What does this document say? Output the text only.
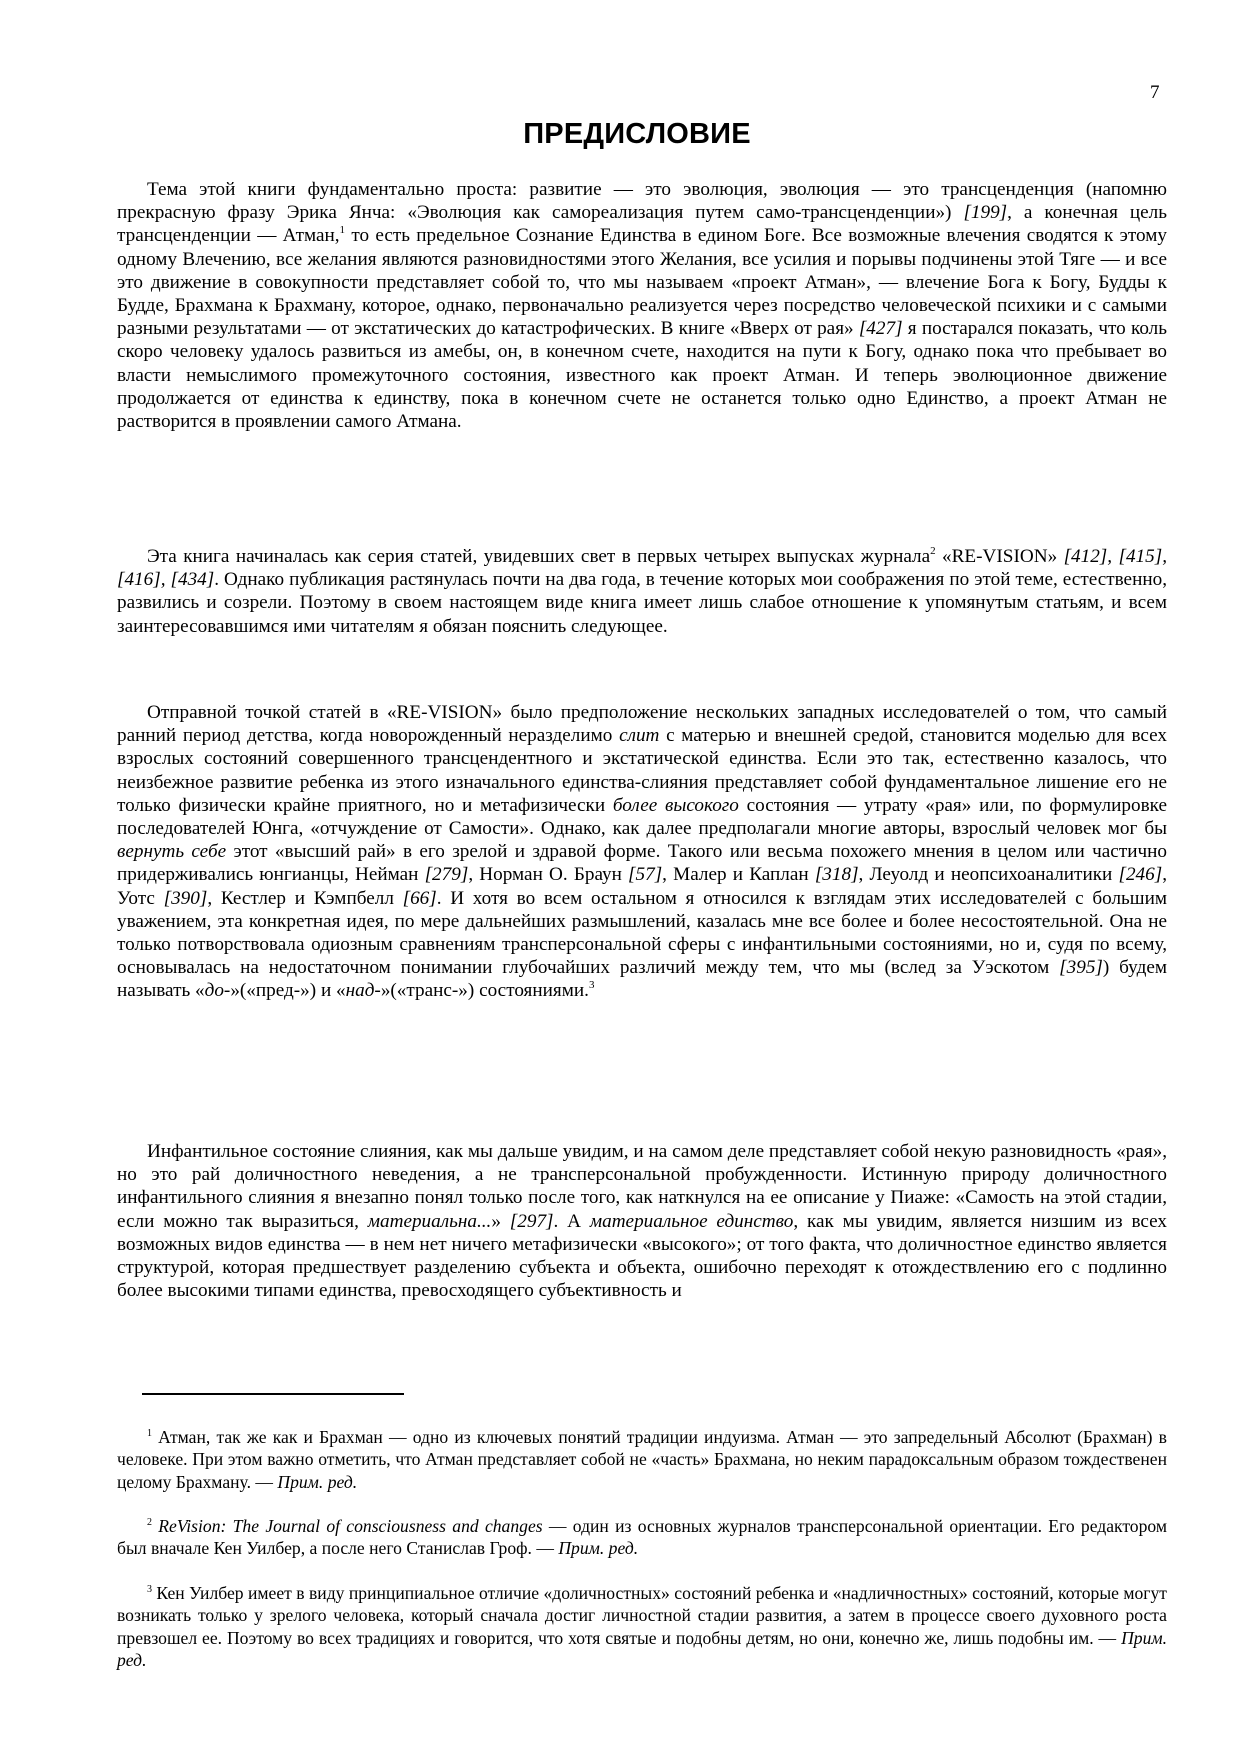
7
ПРЕДИСЛОВИЕ

Тема этой книги фундаментально проста: развитие — это эволюция, эволюция — это трансценденция (напомню прекрасную фразу Эрика Янча: «Эволюция как самореализация путем само-трансценденции») [199], а конечная цель трансценденции — Атман,$^1$ то есть предельное Сознание Единства в едином Боге. Все возможные влечения сводятся к этому одному Влечению, все желания являются разновидностями этого Желания, все усилия и порывы подчинены этой Тяге — и все это движение в совокупности представляет собой то, что мы называем «проект Атман», — влечение Бога к Богу, Будды к Будде, Брахмана к Брахману, которое, однако, первоначально реализуется через посредство человеческой психики и с самыми разными результатами — от экстатических до катастрофических. В книге «Вверх от рая» [427] я постарался показать, что коль скоро человеку удалось развиться из амебы, он, в конечном счете, находится на пути к Богу, однако пока что пребывает во власти немыслимого промежуточного состояния, известного как проект Атман. И теперь эволюционное движение продолжается от единства к единству, пока в конечном счете не останется только одно Единство, а проект Атман не растворится в проявлении самого Атмана.

Эта книга начиналась как серия статей, увидевших свет в первых четырех выпусках журнала$^2$ «RE-VISION» [412], [415], [416], [434]. Однако публикация растянулась почти на два года, в течение которых мои соображения по этой теме, естественно, развились и созрели. Поэтому в своем настоящем виде книга имеет лишь слабое отношение к упомянутым статьям, и всем заинтересовавшимся ими читателям я обязан пояснить следующее.

Отправной точкой статей в «RE-VISION» было предположение нескольких западных исследователей о том, что самый ранний период детства, когда новорожденный неразделимо слит с матерью и внешней средой, становится моделью для всех взрослых состояний совершенного трансцендентного и экстатической единства. Если это так, естественно казалось, что неизбежное развитие ребенка из этого изначального единства-слияния представляет собой фундаментальное лишение его не только физически крайне приятного, но и метафизически более высокого состояния — утрату «рая» или, по формулировке последователей Юнга, «отчуждение от Самости». Однако, как далее предполагали многие авторы, взрослый человек мог бы вернуть себе этот «высший рай» в его зрелой и здравой форме. Такого или весьма похожего мнения в целом или частично придерживались юнгианцы, Нейман [279], Норман О. Браун [57], Малер и Каплан [318], Леуолд и неопсихоаналитики [246], Уотс [390], Кестлер и Кэмпбелл [66]. И хотя во всем остальном я относился к взглядам этих исследователей с большим уважением, эта конкретная идея, по мере дальнейших размышлений, казалась мне все более и более несостоятельной. Она не только потворствовала одиозным сравнениям трансперсональной сферы с инфантильными состояниями, но и, судя по всему, основывалась на недостаточном понимании глубочайших различий между тем, что мы (вслед за Уэскотом [395]) будем называть «до-»(«пред-») и «над-»(«транс-») состояниями.$^3$

Инфантильное состояние слияния, как мы дальше увидим, и на самом деле представляет собой некую разновидность «рая», но это рай доличностного неведения, а не трансперсональной пробужденности. Истинную природу доличностного инфантильного слияния я внезапно понял только после того, как наткнулся на ее описание у Пиаже: «Самость на этой стадии, если можно так выразиться, материальна...» [297]. А материальное единство, как мы увидим, является низшим из всех возможных видов единства — в нем нет ничего метафизически «высокого»; от того факта, что доличностное единство является структурой, которая предшествует разделению субъекта и объекта, ошибочно переходят к отождествлению его с подлинно более высокими типами единства, превосходящего субъективность и

$^1$ Атман, так же как и Брахман — одно из ключевых понятий традиции индуизма. Атман — это запредельный Абсолют (Брахман) в человеке. При этом важно отметить, что Атман представляет собой не «часть» Брахмана, но неким парадоксальным образом тождественен целому Брахману. — Прим. ред.

$^2$ ReVision: The Journal of consciousness and changes — один из основных журналов трансперсональной ориентации. Его редактором был вначале Кен Уилбер, а после него Станислав Гроф. — Прим. ред.

$^3$ Кен Уилбер имеет в виду принципиальное отличие «доличностных» состояний ребенка и «надличностных» состояний, которые могут возникать только у зрелого человека, который сначала достиг личностной стадии развития, а затем в процессе своего духовного роста превзошел ее. Поэтому во всех традициях и говорится, что хотя святые и подобны детям, но они, конечно же, лишь подобны им. — Прим. ред.
